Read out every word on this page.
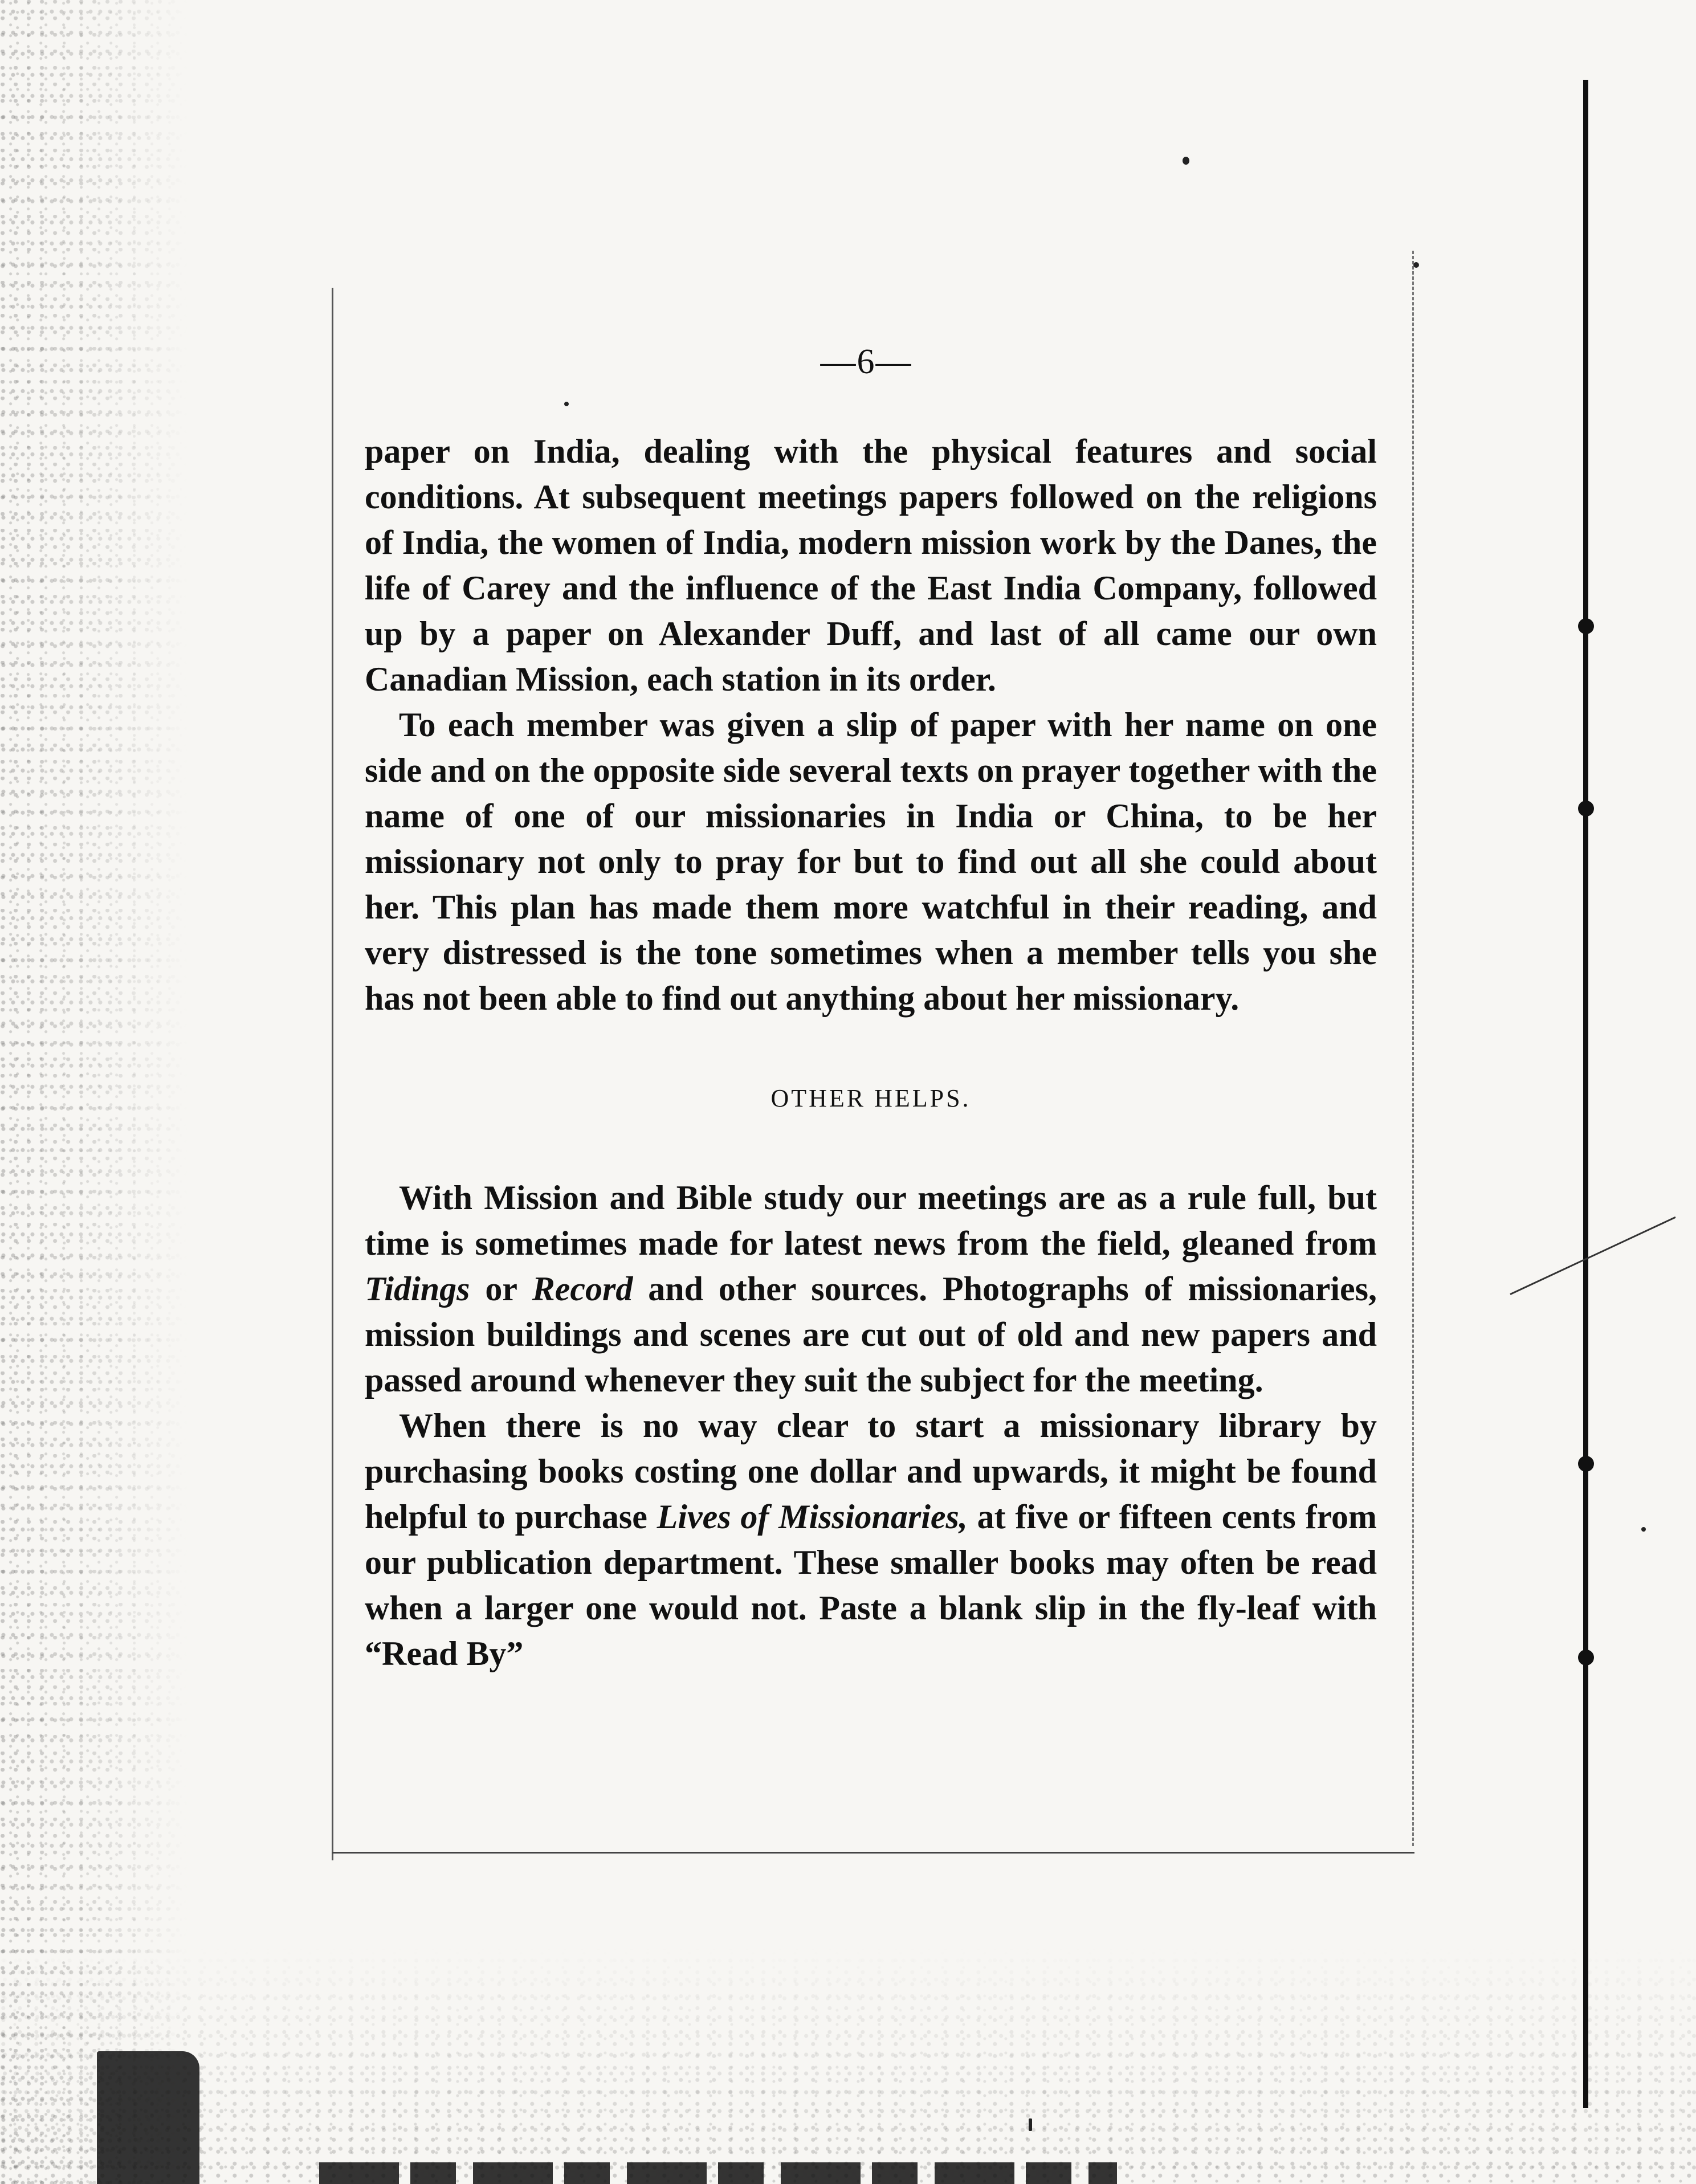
—6—

paper on India, dealing with the physical features and social conditions. At subsequent meetings papers followed on the religions of India, the women of India, modern mission work by the Danes, the life of Carey and the influence of the East India Company, followed up by a paper on Alexander Duff, and last of all came our own Canadian Mission, each station in its order.

To each member was given a slip of paper with her name on one side and on the opposite side several texts on prayer together with the name of one of our missionaries in India or China, to be her missionary not only to pray for but to find out all she could about her. This plan has made them more watchful in their reading, and very distressed is the tone sometimes when a member tells you she has not been able to find out anything about her missionary.

OTHER HELPS.

With Mission and Bible study our meetings are as a rule full, but time is sometimes made for latest news from the field, gleaned from Tidings or Record and other sources. Photographs of missionaries, mission buildings and scenes are cut out of old and new papers and passed around whenever they suit the subject for the meeting.

When there is no way clear to start a missionary library by purchasing books costing one dollar and upwards, it might be found helpful to purchase Lives of Missionaries, at five or fifteen cents from our publication department. These smaller books may often be read when a larger one would not. Paste a blank slip in the fly-leaf with “Read By”
